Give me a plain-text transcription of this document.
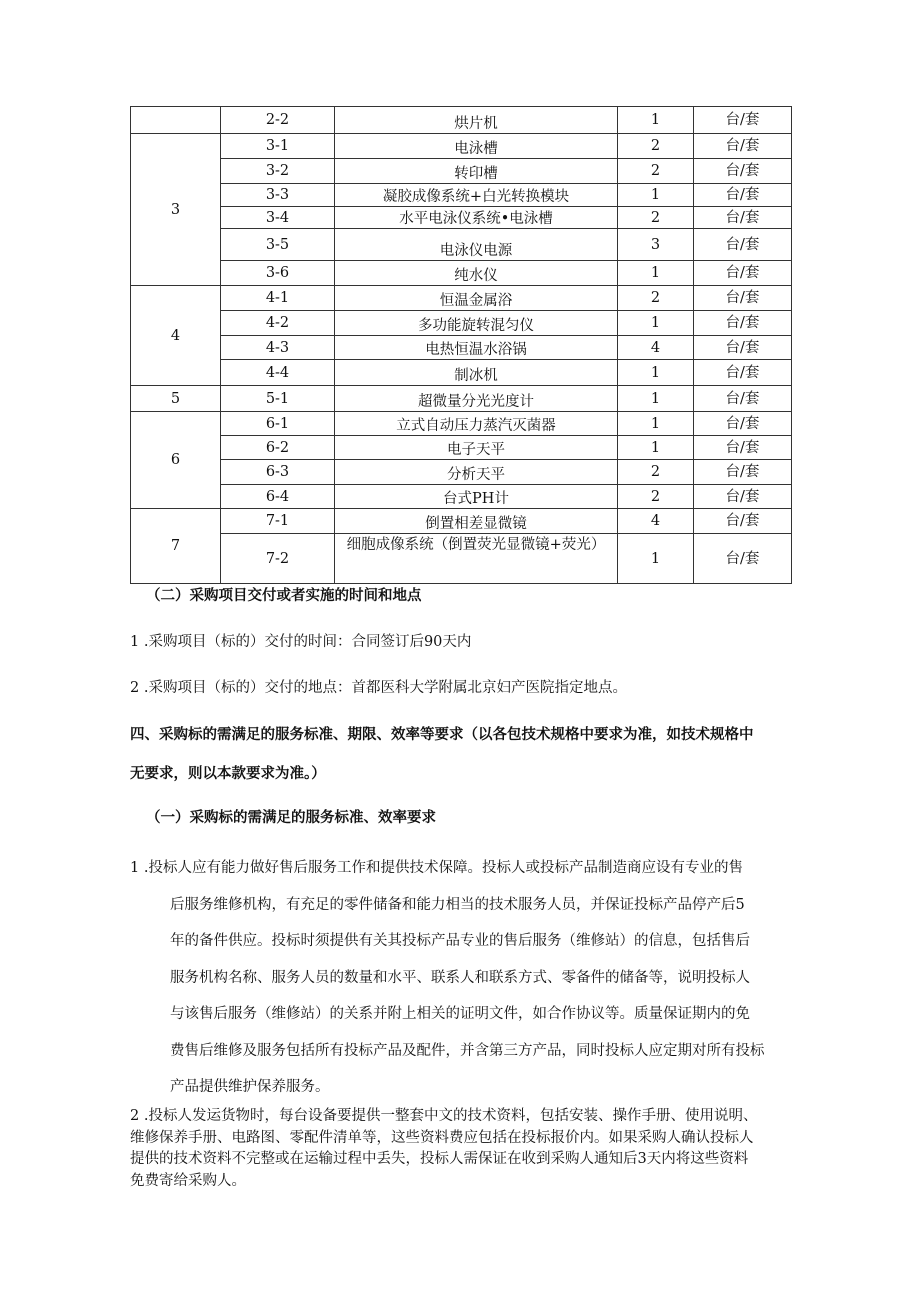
	2-2	烘片机	1	台/套
3	3-1	电泳槽	2	台/套
	3-2	转印槽	2	台/套
	3-3	凝胶成像系统+白光转换模块	1	台/套
	3-4	水平电泳仪系统•电泳槽	2	台/套
	3-5	电泳仪电源	3	台/套
	3-6	纯水仪	1	台/套
4	4-1	恒温金属浴	2	台/套
	4-2	多功能旋转混匀仪	1	台/套
	4-3	电热恒温水浴锅	4	台/套
	4-4	制冰机	1	台/套
5	5-1	超微量分光光度计	1	台/套
6	6-1	立式自动压力蒸汽灭菌器	1	台/套
	6-2	电子天平	1	台/套
	6-3	分析天平	2	台/套
	6-4	台式PH计	2	台/套
7	7-1	倒置相差显微镜	4	台/套
	7-2	细胞成像系统（倒置荧光显微镜+荧光）	1	台/套
（二）采购项目交付或者实施的时间和地点
1 .采购项目（标的）交付的时间：合同签订后90天内
2 .采购项目（标的）交付的地点：首都医科大学附属北京妇产医院指定地点。
四、采购标的需满足的服务标准、期限、效率等要求（以各包技术规格中要求为准，如技术规格中
无要求，则以本款要求为准。）
（一）采购标的需满足的服务标准、效率要求
1 .投标人应有能力做好售后服务工作和提供技术保障。投标人或投标产品制造商应设有专业的售
后服务维修机构，有充足的零件储备和能力相当的技术服务人员，并保证投标产品停产后5
年的备件供应。投标时须提供有关其投标产品专业的售后服务（维修站）的信息，包括售后
服务机构名称、服务人员的数量和水平、联系人和联系方式、零备件的储备等，说明投标人
与该售后服务（维修站）的关系并附上相关的证明文件，如合作协议等。质量保证期内的免
费售后维修及服务包括所有投标产品及配件，并含第三方产品，同时投标人应定期对所有投标
产品提供维护保养服务。
2 .投标人发运货物时，每台设备要提供一整套中文的技术资料，包括安装、操作手册、使用说明、
维修保养手册、电路图、零配件清单等，这些资料费应包括在投标报价内。如果采购人确认投标人
提供的技术资料不完整或在运输过程中丢失，投标人需保证在收到采购人通知后3天内将这些资料
免费寄给采购人。
